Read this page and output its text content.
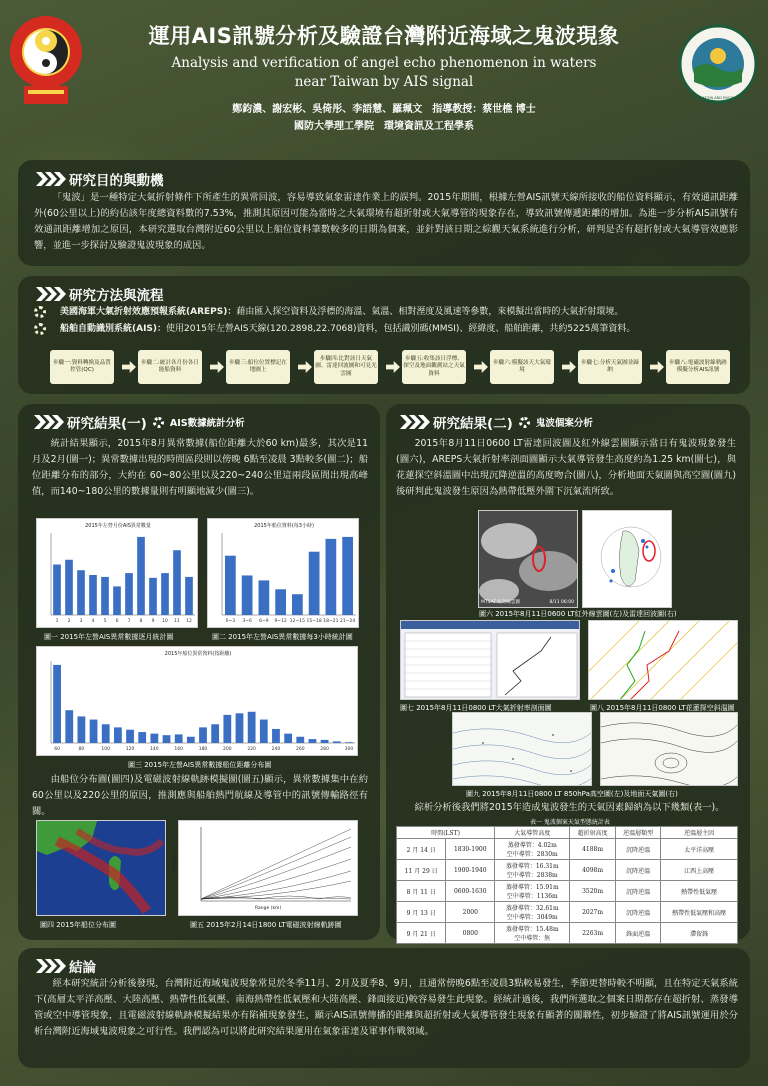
INFORMATION AND ENGINEERING
運用AIS訊號分析及驗證台灣附近海域之鬼波現象
Analysis and verification of angel echo phenomenon in waters
near Taiwan by AIS signal
鄭鈞濃、謝宏彬、吳倚彤、李語慧、羅珮文　指導教授：蔡世樵 博士
國防大學理工學院　環境資訊及工程學系
研究目的與動機
「鬼波」是一種特定大氣折射條件下所產生的異常回波，容易導致氣象雷達作業上的誤判。2015年期間，根據左營AIS訊號天線所接收的船位資料顯示，有效通訊距離外(60公里以上)的約佔該年度總資料數的7.53%，推測其原因可能為當時之大氣環境有超折射或大氣導管的現象存在，導致訊號傳遞距離的增加。為進一步分析AIS訊號有效通訊距離增加之原因，本研究選取台灣附近60公里以上船位資料筆數較多的日期為個案，並針對該日期之綜觀天氣系統進行分析，研判是否有超折射或大氣導管效應影響，並進一步探討及驗證鬼波現象的成因。
研究方法與流程
美國海軍大氣折射效應預報系統(AREPS)：藉由匯入探空資料及浮標的海溫、氣溫、相對溼度及風速等參數，來模擬出當時的大氣折射環境。
船舶自動識別系統(AIS)：使用2015年左營AIS天線(120.2898,22.7068)資料，包括識別碼(MMSI)、經緯度、船舶距離，共約5225萬筆資料。
步驟一:資料轉換及品質控管(QC)
步驟二:統計各月份各日能船資料
步驟三:船位位置標記在地圖上
步驟四:比對該日天氣圖、雷達回波圖和可見光雲圖
步驟五:收集該日浮標、探空及地面觀測站之天氣資料
步驟六:模擬該天大氣環境
步驟七:分析天氣圖並歸納
步驟八:電磁波射線軌跡模擬分析AIS訊號
研究結果(一) AIS數據統計分析
統計結果顯示，2015年8月異常數據(船位距離大於60 km)最多，其次是11月及2月(圖一)；異常數據出現的時間區段則以傍晚 6點至凌晨 3點較多(圖二)；船位距離分布的部分，大約在 60~80公里以及220~240公里這兩段區間出現高峰值，而140~180公里的數據量則有明顯地減少(圖三)。
2015年左營月份AIS異常數量
1 2 3 4 5 6 7 8 9 10 11 12
2015年船位資料(每3小時)
0~3 3~6 6~9 9~12 12~15 15~18 18~21 21~24
圖一 2015年左營AIS異常數據逐月統計圖	圖二 2015年左營AIS異常數據每3小時統計圖
2015年船位異常資料(按距離)
60	80	100	120	140	160	180	200	220	240	260	280	300
圖三 2015年左營AIS異常數據船位距離分布圖
由船位分布圖(圖四)及電磁波射線軌跡模擬圖(圖五)顯示，異常數據集中在約60公里以及220公里的原因，推測應與船舶熱門航線及導管中的訊號傳輸路徑有關。
Height (m)
Range (km)
圖四 2015年船位分布圖	圖五 2015年2月14日1800 LT電磁波射線軌跡圖
研究結果(二) 鬼波個案分析
2015年8月11日0600 LT雷達回波圖及紅外線雲圖顯示當日有鬼波現象發生(圖六)，AREPS大氣折射率剖面圖顯示大氣導管發生高度約為1.25 km(圖七)，與花蓮探空斜溫圖中出現沉降逆溫的高度吻合(圖八)，分析地面天氣圖與高空圖(圖九)後研判此鬼波發生原因為熱帶低壓外圍下沉氣流所致。
MTSAT 紅外線雲圖	8/11 06:00
圖六 2015年8月11日0600 LT紅外線雲圖(左)及雷達回波圖(右)
圖七 2015年8月11日0800 LT大氣折射率剖面圖	圖八 2015年8月11日0800 LT花蓮探空斜溫圖
圖九 2015年8月11日0800 LT 850hPa高空圖(左)及地面天氣圖(右)
綜析分析後我們將2015年造成鬼波發生的天氣因素歸納為以下幾類(表一)。
表一 鬼波個案天氣型態統計表
時間(LST)		大氣導管高度	超折射高度	逆溫層類型	逆溫層主因
2 月 14 日	1830-1900	蒸發導管：4.02m
空中導管：2830m	4188m	沉降逆溫	太平洋高壓
11 月 29 日	1900-1940	蒸發導管：16.31m
空中導管：2838m	4098m	沉降逆溫	江西上高壓
8 月 11 日	0600-1630	蒸發導管：15.91m
空中導管：1136m	3520m	沉降逆溫	熱帶性低氣壓
9 月 13 日	2000	蒸發導管：32.61m
空中導管：3049m	2027m	沉降逆溫	熱帶性低氣壓和高壓
9 月 21 日	0800	蒸發導管：15.48m
空中導管：無	2263m	鋒面逆溫	滯留鋒
結論
經本研究統計分析後發現，台灣附近海域鬼波現象常見於冬季11月、2月及夏季8、9月，且通常傍晚6點至凌晨3點較易發生，季節更替時較不明顯，且在特定天氣系統下(高層太平洋高壓、大陸高壓、熱帶性低氣壓、南海熱帶性低氣壓和大陸高壓、鋒面接近)較容易發生此現象。經統計過後，我們所選取之個案日期都存在超折射、蒸發導管或空中導管現象，且電磁波射線軌跡模擬結果亦有陷補現象發生，顯示AIS訊號傳播的距離與超折射或大氣導管發生現象有顯著的關聯性，初步驗證了將AIS訊號運用於分析台灣附近海域鬼波現象之可行性。我們認為可以將此研究結果運用在氣象雷達及軍事作戰領域。
